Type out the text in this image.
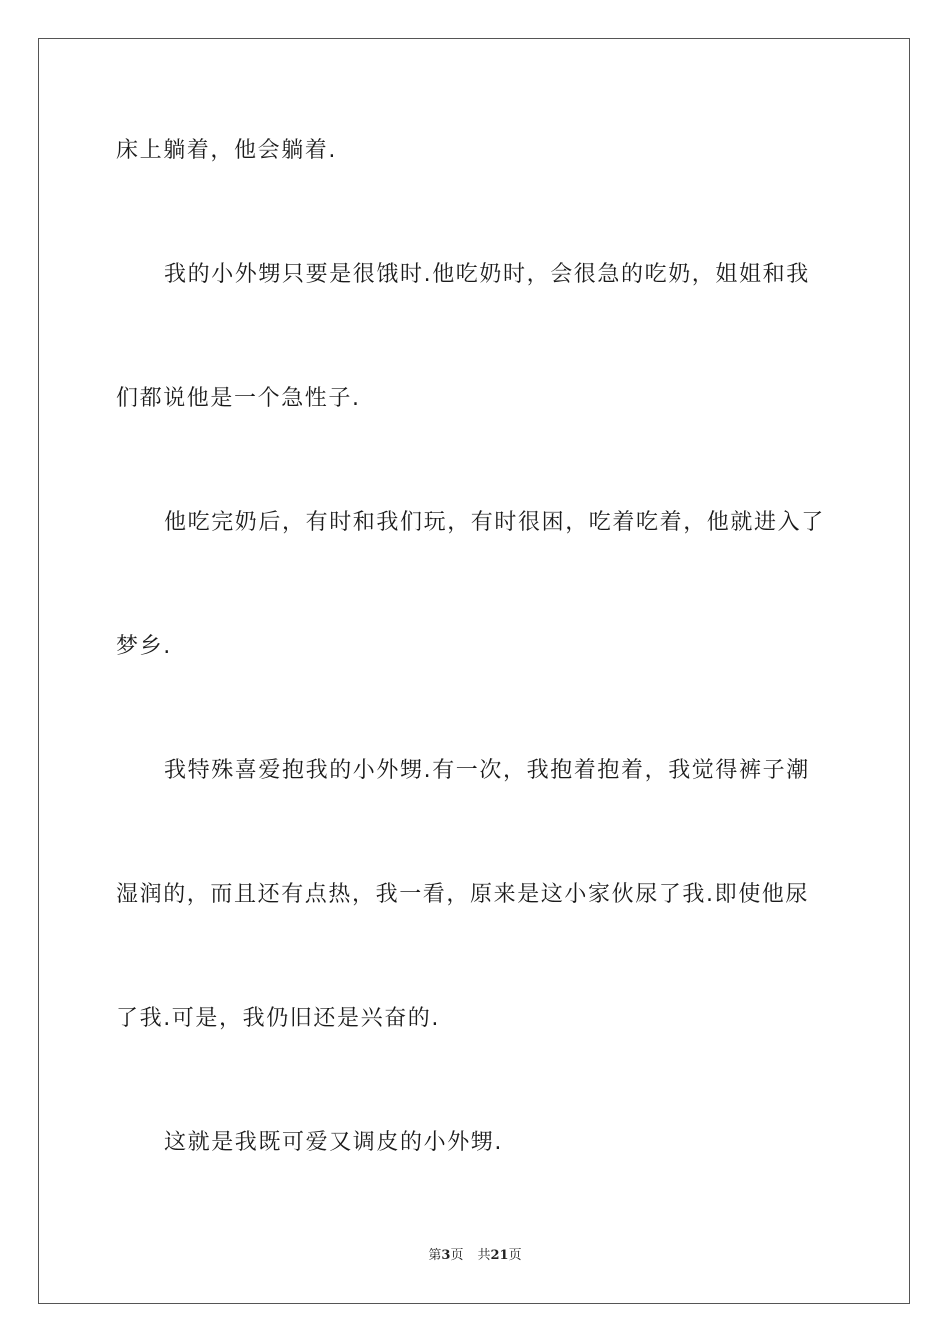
床上躺着，他会躺着.
我的小外甥只要是很饿时.他吃奶时，会很急的吃奶，姐姐和我
们都说他是一个急性子.
他吃完奶后，有时和我们玩，有时很困，吃着吃着，他就进入了
梦乡.
我特殊喜爱抱我的小外甥.有一次，我抱着抱着，我觉得裤子潮
湿润的，而且还有点热，我一看，原来是这小家伙尿了我.即使他尿
了我.可是，我仍旧还是兴奋的.
这就是我既可爱又调皮的小外甥.
第3页 共21页
